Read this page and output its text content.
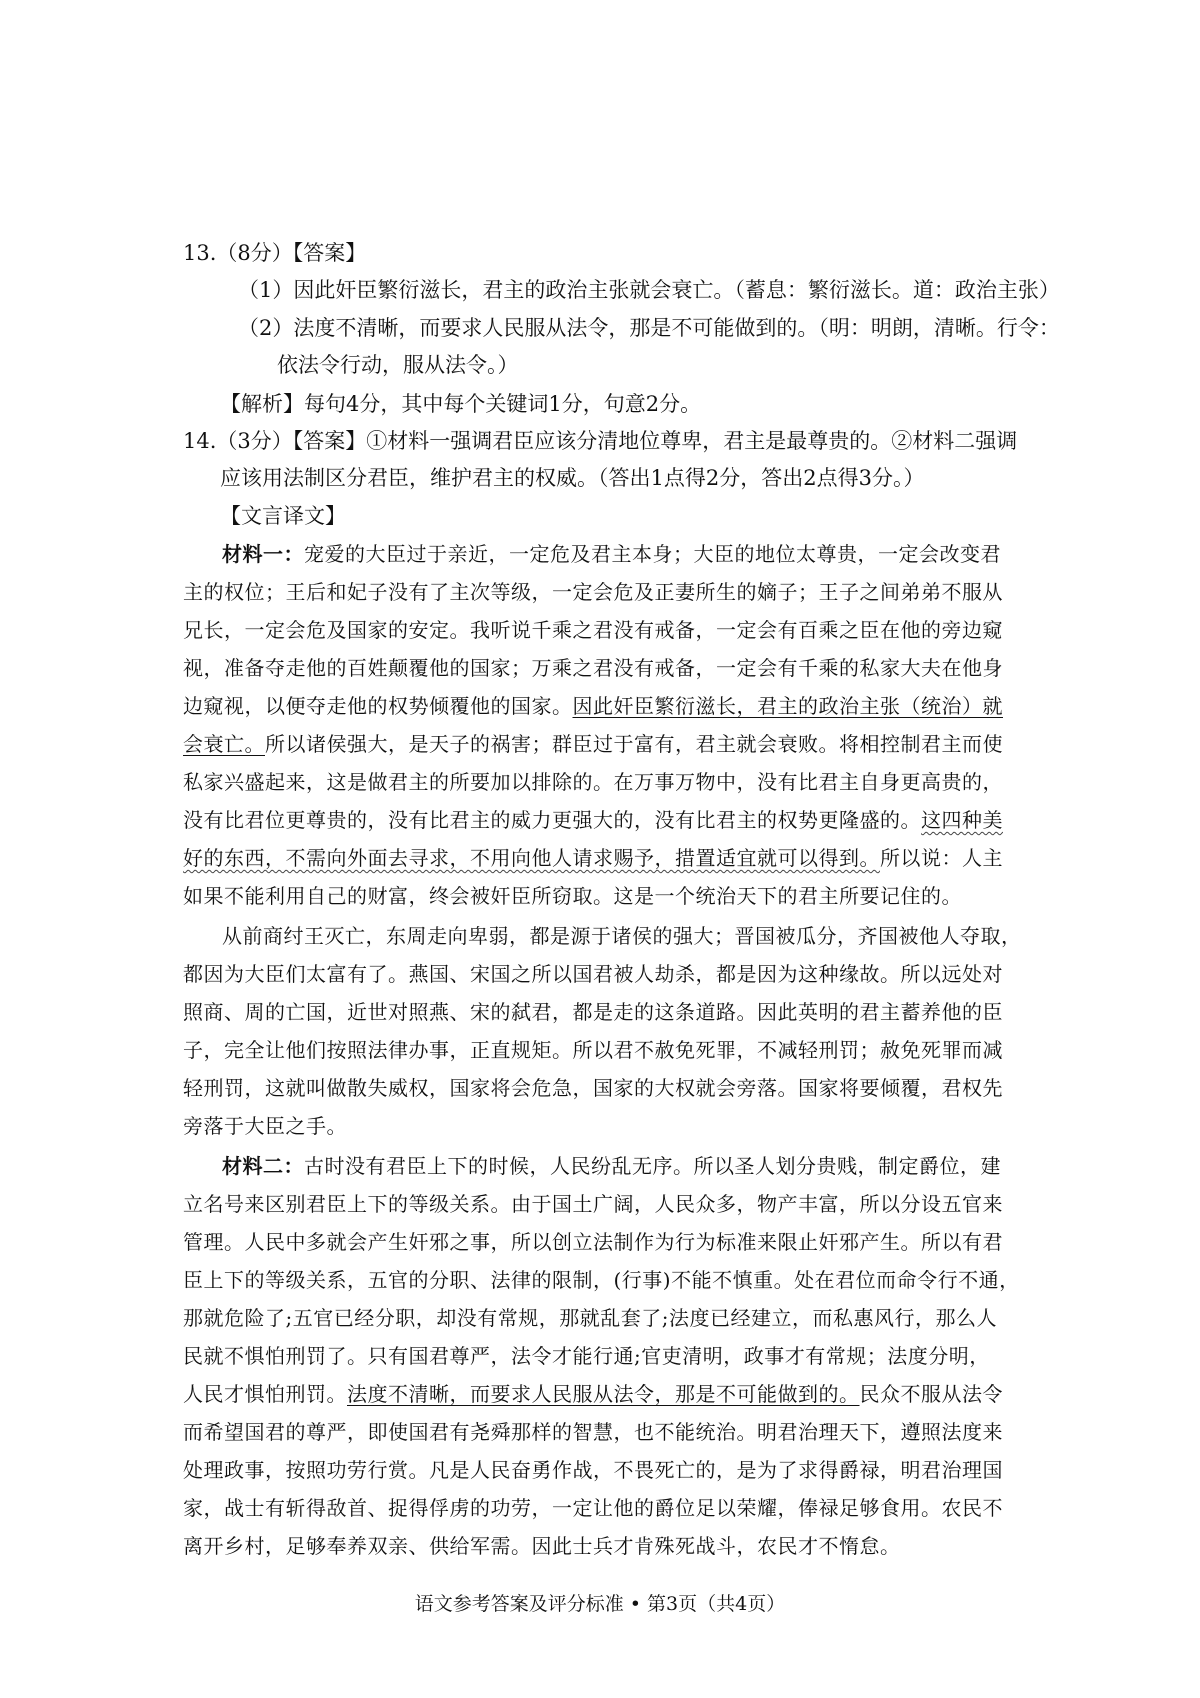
13.（8分）【答案】
（1）因此奸臣繁衍滋长，君主的政治主张就会衰亡。（蓄息：繁衍滋长。道：政治主张）
（2）法度不清晰，而要求人民服从法令，那是不可能做到的。（明：明朗，清晰。行令：
依法令行动，服从法令。）
【解析】每句4分，其中每个关键词1分，句意2分。
14.（3分）【答案】①材料一强调君臣应该分清地位尊卑，君主是最尊贵的。②材料二强调
应该用法制区分君臣，维护君主的权威。（答出1点得2分，答出2点得3分。）
【文言译文】
材料一：宠爱的大臣过于亲近，一定危及君主本身；大臣的地位太尊贵，一定会改变君
主的权位；王后和妃子没有了主次等级，一定会危及正妻所生的嫡子；王子之间弟弟不服从
兄长，一定会危及国家的安定。我听说千乘之君没有戒备，一定会有百乘之臣在他的旁边窥
视，准备夺走他的百姓颠覆他的国家；万乘之君没有戒备，一定会有千乘的私家大夫在他身
边窥视，以便夺走他的权势倾覆他的国家。因此奸臣繁衍滋长，君主的政治主张（统治）就
会衰亡。所以诸侯强大，是天子的祸害；群臣过于富有，君主就会衰败。将相控制君主而使
私家兴盛起来，这是做君主的所要加以排除的。在万事万物中，没有比君主自身更高贵的，
没有比君位更尊贵的，没有比君主的威力更强大的，没有比君主的权势更隆盛的。这四种美
好的东西，不需向外面去寻求，不用向他人请求赐予，措置适宜就可以得到。所以说：人主
如果不能利用自己的财富，终会被奸臣所窃取。这是一个统治天下的君主所要记住的。
从前商纣王灭亡，东周走向卑弱，都是源于诸侯的强大；晋国被瓜分，齐国被他人夺取，
都因为大臣们太富有了。燕国、宋国之所以国君被人劫杀，都是因为这种缘故。所以远处对
照商、周的亡国，近世对照燕、宋的弑君，都是走的这条道路。因此英明的君主蓄养他的臣
子，完全让他们按照法律办事，正直规矩。所以君不赦免死罪，不减轻刑罚；赦免死罪而减
轻刑罚，这就叫做散失威权，国家将会危急，国家的大权就会旁落。国家将要倾覆，君权先
旁落于大臣之手。
材料二：古时没有君臣上下的时候，人民纷乱无序。所以圣人划分贵贱，制定爵位，建
立名号来区别君臣上下的等级关系。由于国土广阔，人民众多，物产丰富，所以分设五官来
管理。人民中多就会产生奸邪之事，所以创立法制作为行为标准来限止奸邪产生。所以有君
臣上下的等级关系，五官的分职、法律的限制，(行事)不能不慎重。处在君位而命令行不通，
那就危险了;五官已经分职，却没有常规，那就乱套了;法度已经建立，而私惠风行，那么人
民就不惧怕刑罚了。只有国君尊严，法令才能行通;官吏清明，政事才有常规；法度分明，
人民才惧怕刑罚。法度不清晰，而要求人民服从法令，那是不可能做到的。民众不服从法令
而希望国君的尊严，即使国君有尧舜那样的智慧，也不能统治。明君治理天下，遵照法度来
处理政事，按照功劳行赏。凡是人民奋勇作战，不畏死亡的，是为了求得爵禄，明君治理国
家，战士有斩得敌首、捉得俘虏的功劳，一定让他的爵位足以荣耀，俸禄足够食用。农民不
离开乡村，足够奉养双亲、供给军需。因此士兵才肯殊死战斗，农民才不惰怠。
语文参考答案及评分标准 • 第3页（共4页）
